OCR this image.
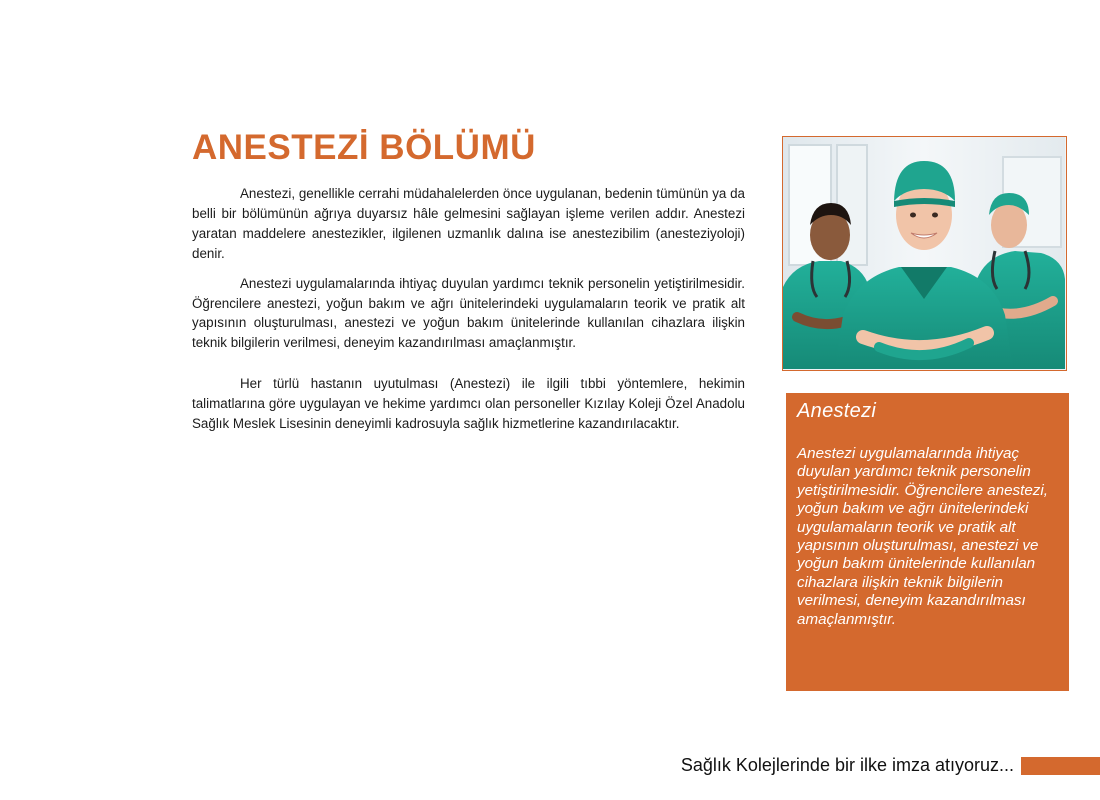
ANESTEZİ BÖLÜMÜ

Anestezi, genellikle cerrahi müdahalelerden önce uygulanan, bedenin tümünün ya da belli bir bölümünün ağrıya duyarsız hâle gelmesini sağlayan işleme verilen addır. Anestezi yaratan maddelere anestezikler, ilgilenen uzmanlık dalına ise anestezibilim (anesteziyoloji) denir.

Anestezi uygulamalarında ihtiyaç duyulan yardımcı teknik personelin yetiştirilmesidir. Öğrencilere anestezi, yoğun bakım ve ağrı ünitelerindeki uygulamaların teorik ve pratik alt yapısının oluşturulması, anestezi ve yoğun bakım ünitelerinde kullanılan cihazlara ilişkin teknik bilgilerin verilmesi, deneyim kazandırılması amaçlanmıştır.

Her türlü hastanın uyutulması (Anestezi) ile ilgili tıbbi yöntemlere, hekimin talimatlarına göre uygulayan ve hekime yardımcı olan personeller Kızılay Koleji Özel Anadolu Sağlık Meslek Lisesinin deneyimli kadrosuyla sağlık hizmetlerine kazandırılacaktır.

Anestezi

Anestezi uygulamalarında ihtiyaç duyulan yardımcı teknik personelin yetiştirilmesidir. Öğrencilere anestezi, yoğun bakım ve ağrı ünitelerindeki uygulamaların teorik ve pratik alt yapısının oluşturulması, anestezi ve yoğun bakım ünitelerinde kullanılan cihazlara ilişkin teknik bilgilerin verilmesi, deneyim kazandırılması amaçlanmıştır.

Sağlık Kolejlerinde bir ilke imza atıyoruz...
